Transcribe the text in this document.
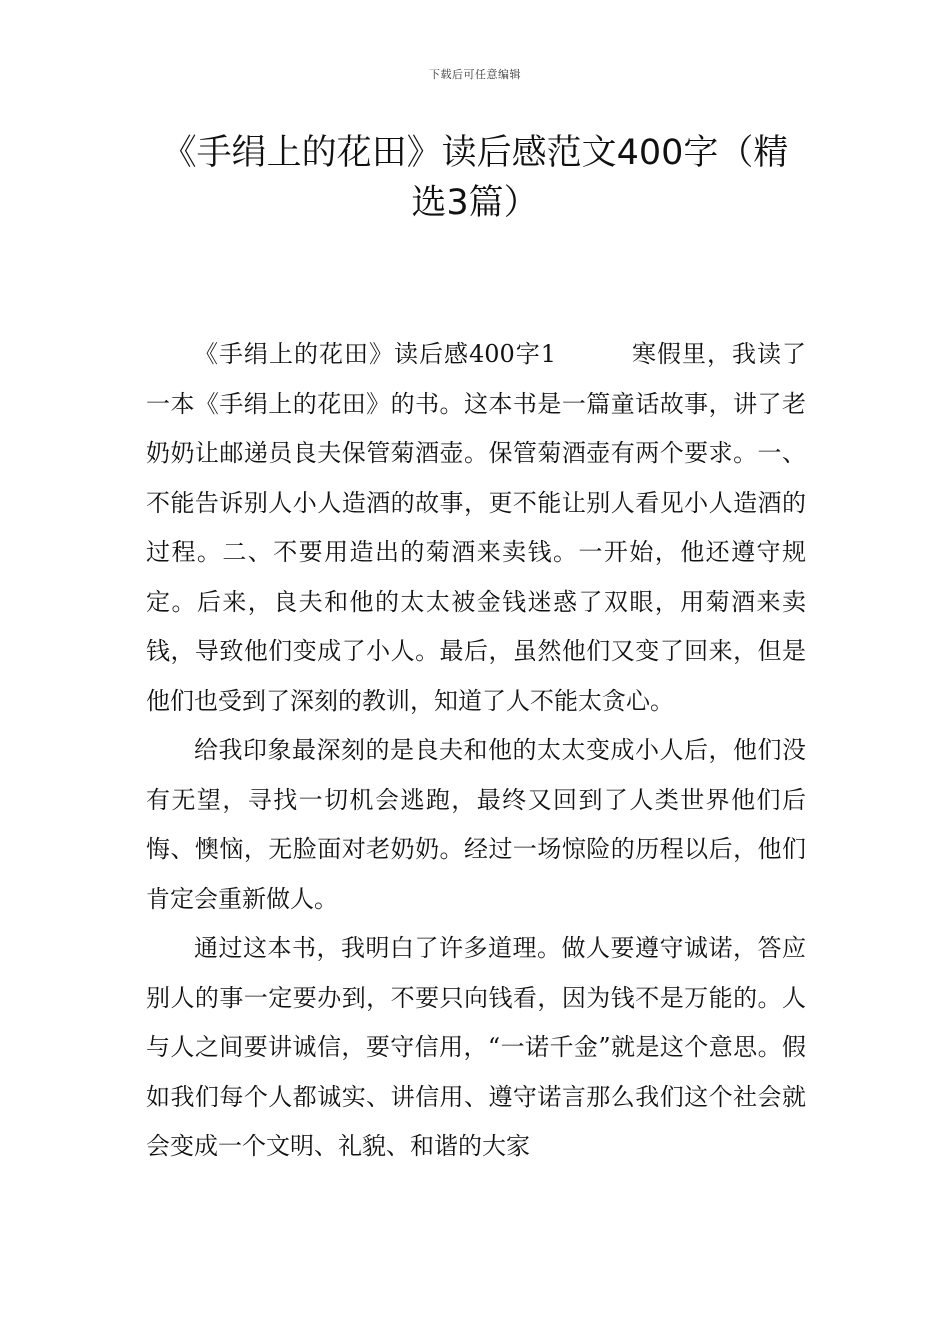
下载后可任意编辑
《手绢上的花田》读后感范文400字（精选3篇）

《手绢上的花田》读后感400字1　　　	寒假里，我读了一本《手绢上的花田》的书。这本书是一篇童话故事，讲了老奶奶让邮递员良夫保管菊酒壶。保管菊酒壶有两个要求。一、不能告诉别人小人造酒的故事，更不能让别人看见小人造酒的过程。二、不要用造出的菊酒来卖钱。一开始，他还遵守规定。后来，良夫和他的太太被金钱迷惑了双眼，用菊酒来卖钱，导致他们变成了小人。最后，虽然他们又变了回来，但是他们也受到了深刻的教训，知道了人不能太贪心。

给我印象最深刻的是良夫和他的太太变成小人后，他们没有无望，寻找一切机会逃跑，最终又回到了人类世界他们后悔、懊恼，无脸面对老奶奶。经过一场惊险的历程以后，他们肯定会重新做人。

通过这本书，我明白了许多道理。做人要遵守诚诺，答应别人的事一定要办到，不要只向钱看，因为钱不是万能的。人与人之间要讲诚信，要守信用，“一诺千金”就是这个意思。假如我们每个人都诚实、讲信用、遵守诺言那么我们这个社会就会变成一个文明、礼貌、和谐的大家
